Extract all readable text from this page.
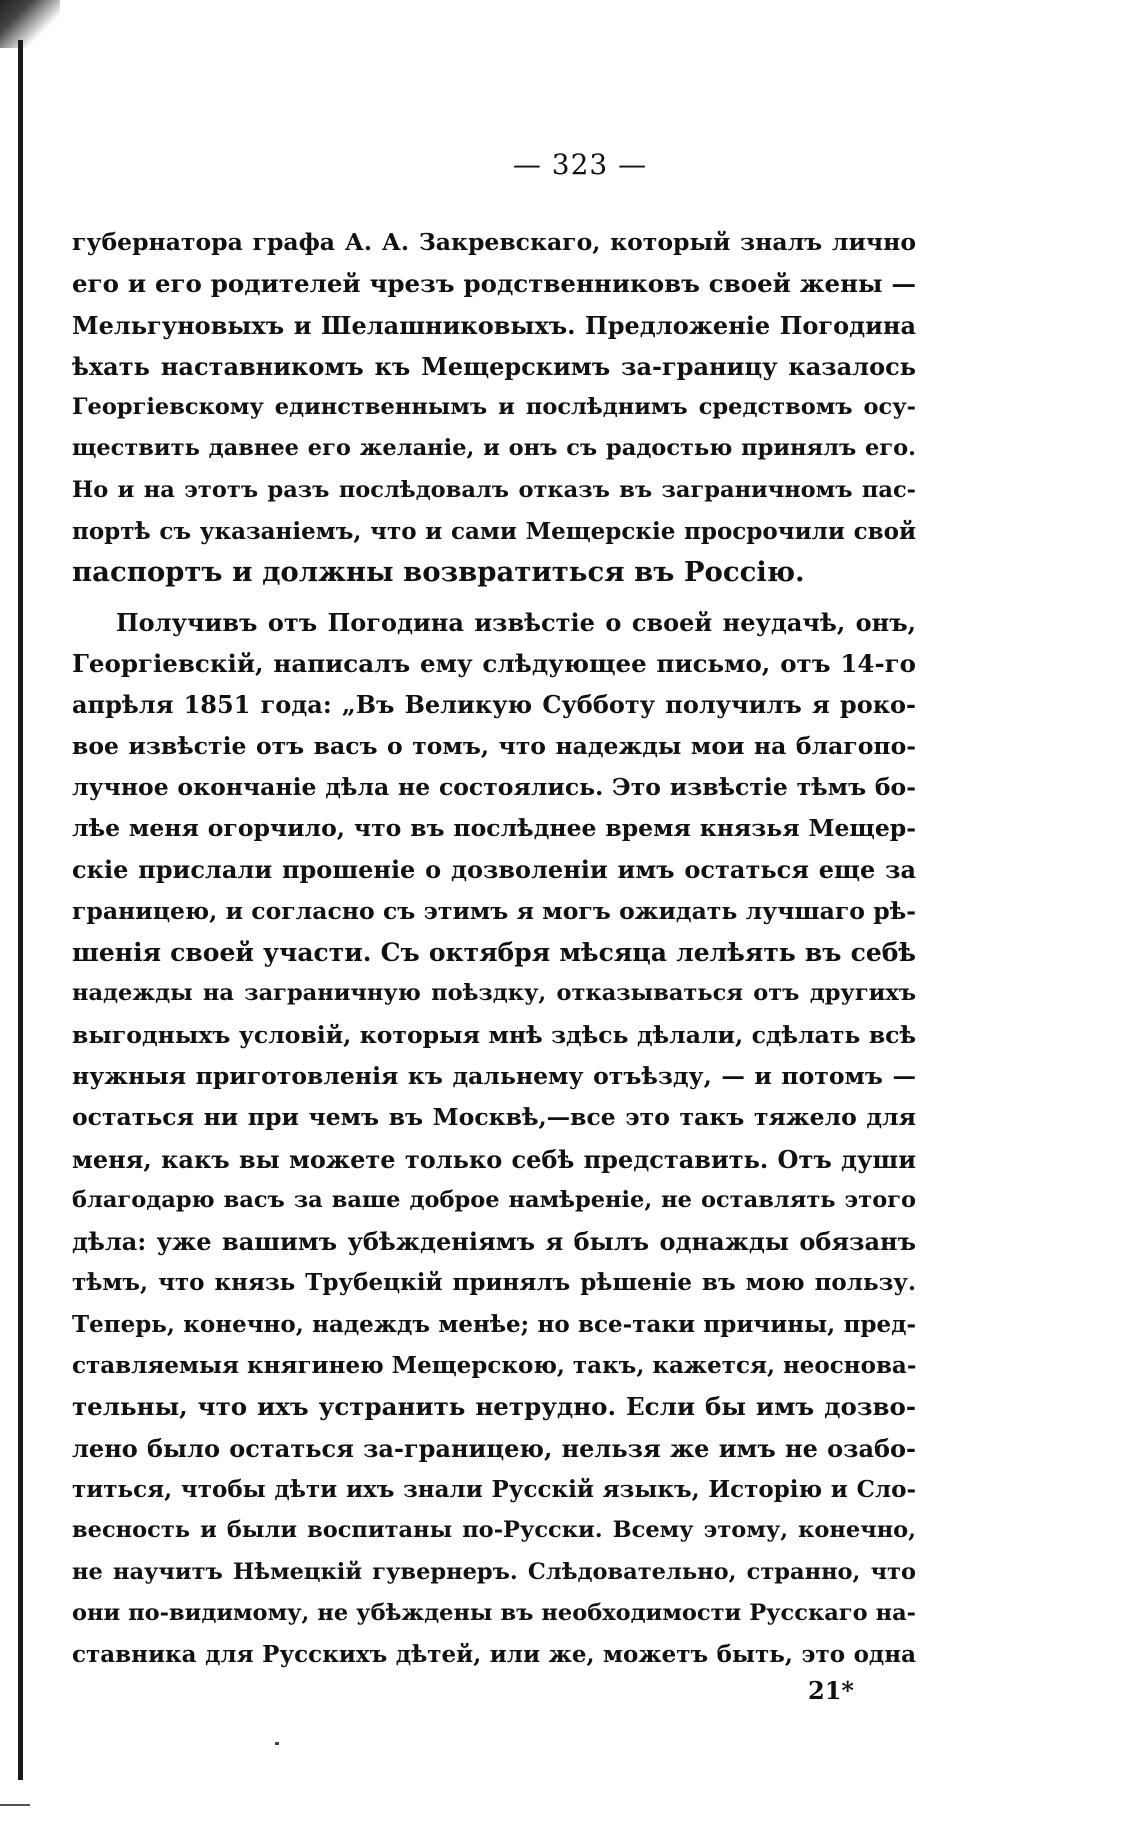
— 323 —
губернатора графа А. А. Закревскаго, который зналъ лично
его и его родителей чрезъ родственниковъ своей жены —
Мельгуновыхъ и Шелашниковыхъ. Предложеніе Погодина
ѣхать наставникомъ къ Мещерскимъ за-границу казалось
Георгіевскому единственнымъ и послѣднимъ средствомъ осу-
ществить давнее его желаніе, и онъ съ радостью принялъ его.
Но и на этотъ разъ послѣдовалъ отказъ въ заграничномъ пас-
портѣ съ указаніемъ, что и сами Мещерскіе просрочили свой
паспортъ и должны возвратиться въ Россію.
Получивъ отъ Погодина извѣстіе о своей неудачѣ, онъ,
Георгіевскій, написалъ ему слѣдующее письмо, отъ 14-го
апрѣля 1851 года: „Въ Великую Субботу получилъ я роко-
вое извѣстіе отъ васъ о томъ, что надежды мои на благопо-
лучное окончаніе дѣла не состоялись. Это извѣстіе тѣмъ бо-
лѣе меня огорчило, что въ послѣднее время князья Мещер-
скіе прислали прошеніе о дозволеніи имъ остаться еще за
границею, и согласно съ этимъ я могъ ожидать лучшаго рѣ-
шенія своей участи. Съ октября мѣсяца лелѣять въ себѣ
надежды на заграничную поѣздку, отказываться отъ другихъ
выгодныхъ условій, которыя мнѣ здѣсь дѣлали, сдѣлать всѣ
нужныя приготовленія къ дальнему отъѣзду, — и потомъ —
остаться ни при чемъ въ Москвѣ,—все это такъ тяжело для
меня, какъ вы можете только себѣ представить. Отъ души
благодарю васъ за ваше доброе намѣреніе, не оставлять этого
дѣла: уже вашимъ убѣжденіямъ я былъ однажды обязанъ
тѣмъ, что князь Трубецкій принялъ рѣшеніе въ мою пользу.
Теперь, конечно, надеждъ менѣе; но все-таки причины, пред-
ставляемыя княгинею Мещерскою, такъ, кажется, неоснова-
тельны, что ихъ устранить нетрудно. Если бы имъ дозво-
лено было остаться за-границею, нельзя же имъ не озабо-
титься, чтобы дѣти ихъ знали Русскій языкъ, Исторію и Сло-
весность и были воспитаны по-Русски. Всему этому, конечно,
не научитъ Нѣмецкій гувернеръ. Слѣдовательно, странно, что
они по-видимому, не убѣждены въ необходимости Русскаго на-
ставника для Русскихъ дѣтей, или же, можетъ быть, это одна
21*
